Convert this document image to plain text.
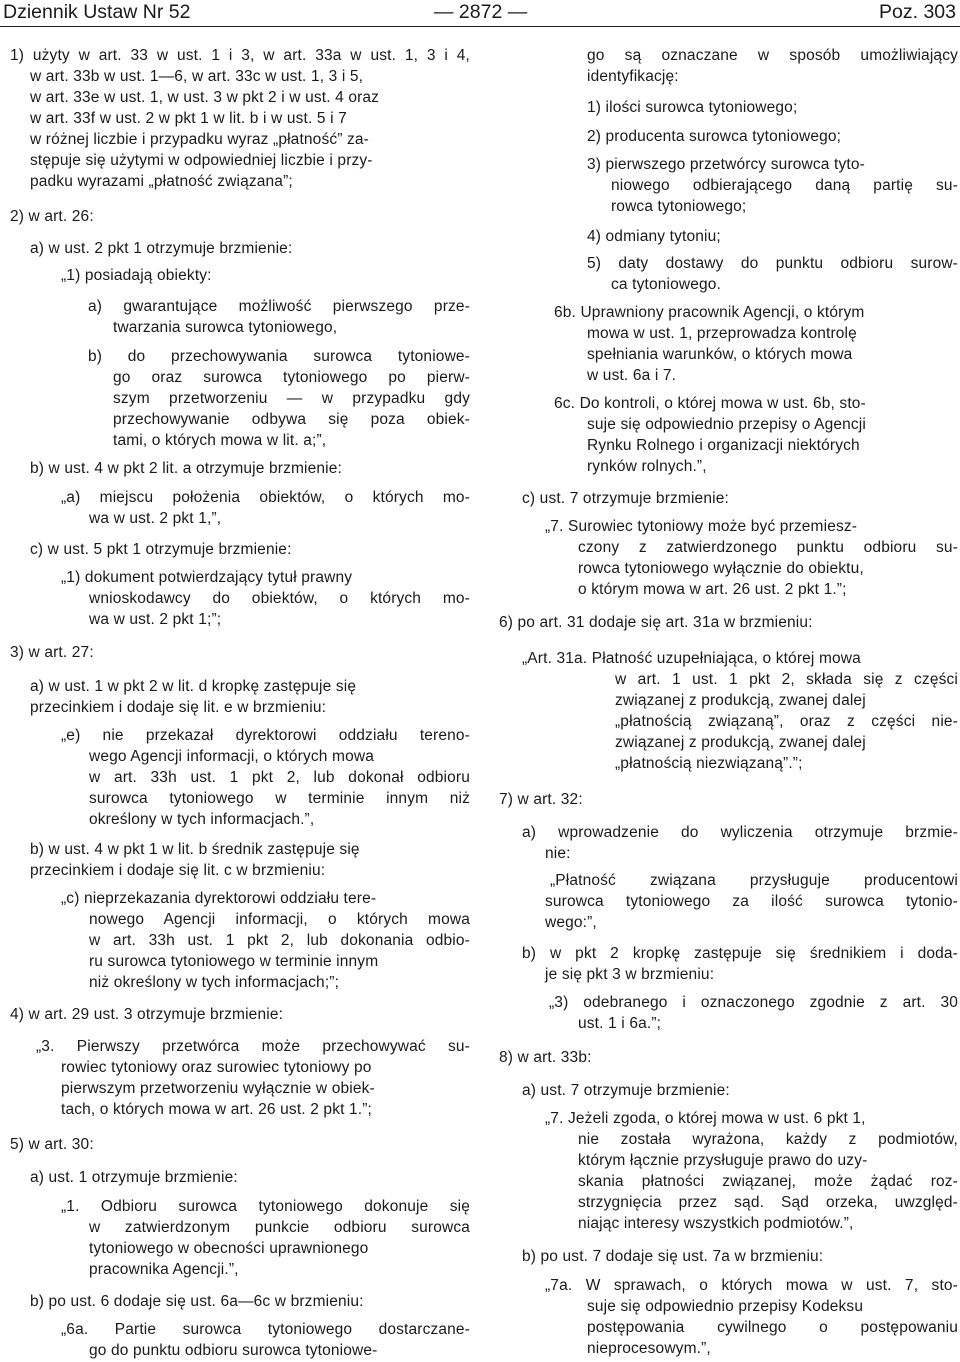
Dziennik Ustaw Nr 52	— 2872 —	Poz. 303

1) użyty w art. 33 w ust. 1 i 3, w art. 33a w ust. 1, 3 i 4,

w art. 33b w ust. 1—6, w art. 33c w ust. 1, 3 i 5,

w art. 33e w ust. 1, w ust. 3 w pkt 2 i w ust. 4 oraz

w art. 33f w ust. 2 w pkt 1 w lit. b i w ust. 5 i 7

w różnej liczbie i przypadku wyraz „płatność” za-

stępuje się użytymi w odpowiedniej liczbie i przy-

padku wyrazami „płatność związana”;

2) w art. 26:

a) w ust. 2 pkt 1 otrzymuje brzmienie:

„1) posiadają obiekty:

a) gwarantujące możliwość pierwszego prze-

twarzania surowca tytoniowego,

b) do przechowywania surowca tytoniowe-

go oraz surowca tytoniowego po pierw-

szym przetworzeniu — w przypadku gdy

przechowywanie odbywa się poza obiek-

tami, o których mowa w lit. a;”,

b) w ust. 4 w pkt 2 lit. a otrzymuje brzmienie:

„a) miejscu położenia obiektów, o których mo-

wa w ust. 2 pkt 1,”,

c) w ust. 5 pkt 1 otrzymuje brzmienie:

„1) dokument potwierdzający tytuł prawny

wnioskodawcy do obiektów, o których mo-

wa w ust. 2 pkt 1;”;

3) w art. 27:

a) w ust. 1 w pkt 2 w lit. d kropkę zastępuje się

przecinkiem i dodaje się lit. e w brzmieniu:

„e) nie przekazał dyrektorowi oddziału tereno-

wego Agencji informacji, o których mowa

w art. 33h ust. 1 pkt 2, lub dokonał odbioru

surowca tytoniowego w terminie innym niż

określony w tych informacjach.”,

b) w ust. 4 w pkt 1 w lit. b średnik zastępuje się

przecinkiem i dodaje się lit. c w brzmieniu:

„c) nieprzekazania dyrektorowi oddziału tere-

nowego Agencji informacji, o których mowa

w art. 33h ust. 1 pkt 2, lub dokonania odbio-

ru surowca tytoniowego w terminie innym

niż określony w tych informacjach;”;

4) w art. 29 ust. 3 otrzymuje brzmienie:

„3. Pierwszy przetwórca może przechowywać su-

rowiec tytoniowy oraz surowiec tytoniowy po

pierwszym przetworzeniu wyłącznie w obiek-

tach, o których mowa w art. 26 ust. 2 pkt 1.”;

5) w art. 30:

a) ust. 1 otrzymuje brzmienie:

„1. Odbioru surowca tytoniowego dokonuje się

w zatwierdzonym punkcie odbioru surowca

tytoniowego w obecności uprawnionego

pracownika Agencji.”,

b) po ust. 6 dodaje się ust. 6a—6c w brzmieniu:

„6a. Partie surowca tytoniowego dostarczane-

go do punktu odbioru surowca tytoniowe-

go są oznaczane w sposób umożliwiający

identyfikację:

1) ilości surowca tytoniowego;

2) producenta surowca tytoniowego;

3) pierwszego przetwórcy surowca tyto-

niowego odbierającego daną partię su-

rowca tytoniowego;

4) odmiany tytoniu;

5) daty dostawy do punktu odbioru surow-

ca tytoniowego.

6b. Uprawniony pracownik Agencji, o którym

mowa w ust. 1, przeprowadza kontrolę

spełniania warunków, o których mowa

w ust. 6a i 7.

6c. Do kontroli, o której mowa w ust. 6b, sto-

suje się odpowiednio przepisy o Agencji

Rynku Rolnego i organizacji niektórych

rynków rolnych.”,

c) ust. 7 otrzymuje brzmienie:

„7. Surowiec tytoniowy może być przemiesz-

czony z zatwierdzonego punktu odbioru su-

rowca tytoniowego wyłącznie do obiektu,

o którym mowa w art. 26 ust. 2 pkt 1.”;

6) po art. 31 dodaje się art. 31a w brzmieniu:

„Art. 31a. Płatność uzupełniająca, o której mowa

w art. 1 ust. 1 pkt 2, składa się z części

związanej z produkcją, zwanej dalej

„płatnością związaną”, oraz z części nie-

związanej z produkcją, zwanej dalej

„płatnością niezwiązaną”.”;

7) w art. 32:

a) wprowadzenie do wyliczenia otrzymuje brzmie-

nie:

„Płatność związana przysługuje producentowi

surowca tytoniowego za ilość surowca tytonio-

wego:”,

b) w pkt 2 kropkę zastępuje się średnikiem i doda-

je się pkt 3 w brzmieniu:

„3) odebranego i oznaczonego zgodnie z art. 30

ust. 1 i 6a.”;

8) w art. 33b:

a) ust. 7 otrzymuje brzmienie:

„7. Jeżeli zgoda, o której mowa w ust. 6 pkt 1,

nie została wyrażona, każdy z podmiotów,

którym łącznie przysługuje prawo do uzy-

skania płatności związanej, może żądać roz-

strzygnięcia przez sąd. Sąd orzeka, uwzględ-

niając interesy wszystkich podmiotów.”,

b) po ust. 7 dodaje się ust. 7a w brzmieniu:

„7a. W sprawach, o których mowa w ust. 7, sto-

suje się odpowiednio przepisy Kodeksu

postępowania cywilnego o postępowaniu

nieprocesowym.”,
